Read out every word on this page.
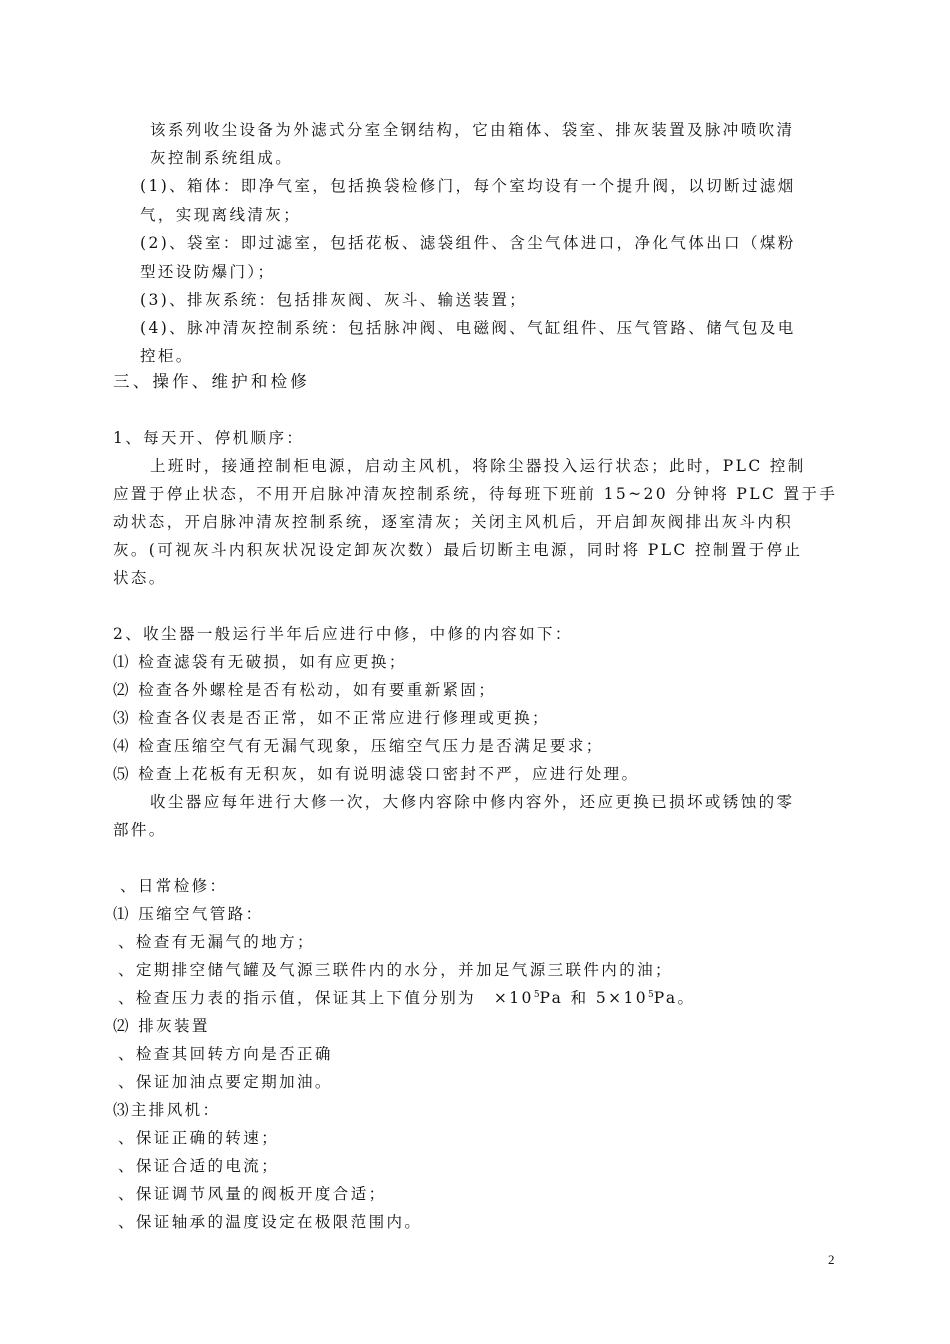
该系列收尘设备为外滤式分室全钢结构，它由箱体、袋室、排灰装置及脉冲喷吹清
灰控制系统组成。
(1)、箱体：即净气室，包括换袋检修门，每个室均设有一个提升阀，以切断过滤烟
气，实现离线清灰；
(2)、袋室：即过滤室，包括花板、滤袋组件、含尘气体进口，净化气体出口（煤粉
型还设防爆门）；
(3)、排灰系统：包括排灰阀、灰斗、输送装置；
(4)、脉冲清灰控制系统：包括脉冲阀、电磁阀、气缸组件、压气管路、储气包及电
控柜。
三、操作、维护和检修
1、每天开、停机顺序：
上班时，接通控制柜电源，启动主风机，将除尘器投入运行状态；此时，PLC 控制
应置于停止状态，不用开启脉冲清灰控制系统，待每班下班前 15~20 分钟将 PLC 置于手
动状态，开启脉冲清灰控制系统，逐室清灰；关闭主风机后，开启卸灰阀排出灰斗内积
灰。(可视灰斗内积灰状况设定卸灰次数）最后切断主电源，同时将 PLC 控制置于停止
状态。
2、收尘器一般运行半年后应进行中修，中修的内容如下：
⑴ 检查滤袋有无破损，如有应更换；
⑵ 检查各外螺栓是否有松动，如有要重新紧固；
⑶ 检查各仪表是否正常，如不正常应进行修理或更换；
⑷ 检查压缩空气有无漏气现象，压缩空气压力是否满足要求；
⑸ 检查上花板有无积灰，如有说明滤袋口密封不严，应进行处理。
收尘器应每年进行大修一次，大修内容除中修内容外，还应更换已损坏或锈蚀的零
部件。
、日常检修：
⑴ 压缩空气管路：
、检查有无漏气的地方；
、定期排空储气罐及气源三联件内的水分，并加足气源三联件内的油；
、检查压力表的指示值，保证其上下值分别为　$\times 10^5Pa$ 和 $5\times 10^5Pa$。
⑵ 排灰装置
、检查其回转方向是否正确
、保证加油点要定期加油。
⑶主排风机：
、保证正确的转速；
、保证合适的电流；
、保证调节风量的阀板开度合适；
、保证轴承的温度设定在极限范围内。
2
